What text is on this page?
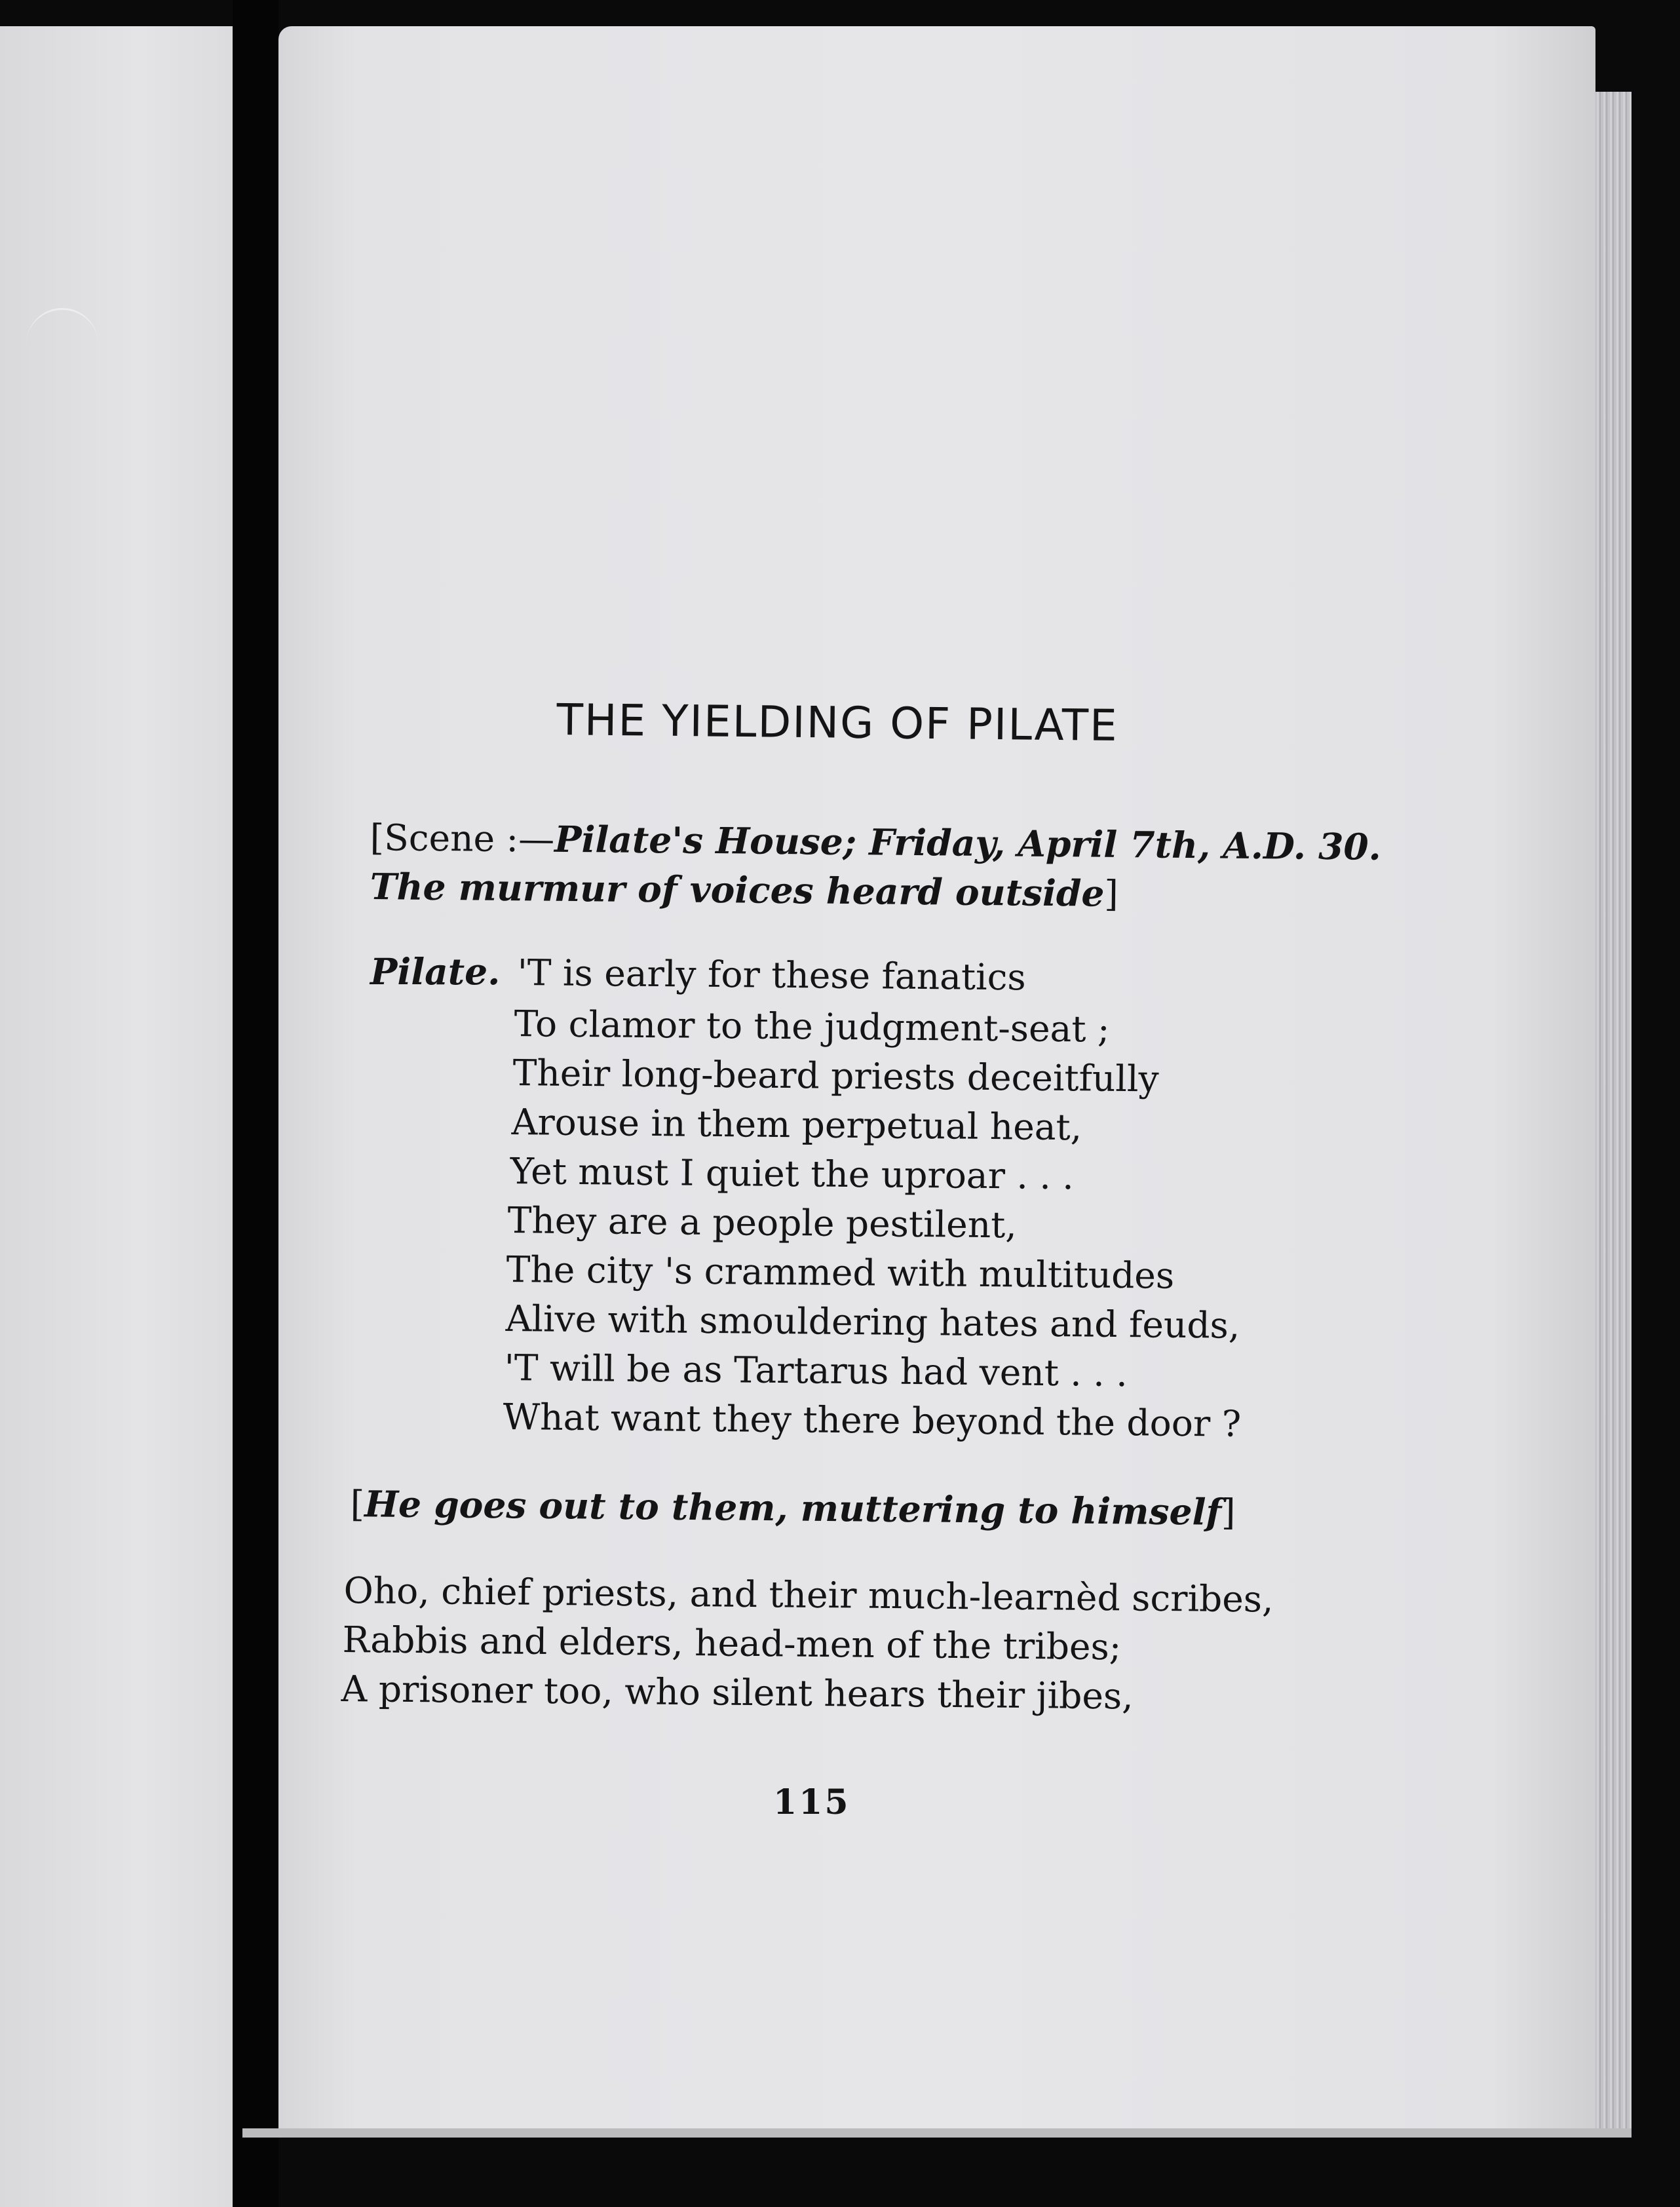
THE YIELDING OF PILATE
[Scene :—Pilate's House; Friday, April 7th, A.D. 30.
The murmur of voices heard outside]
Pilate. 'T is early for these fanatics
To clamor to the judgment-seat ;
Their long-beard priests deceitfully
Arouse in them perpetual heat,
Yet must I quiet the uproar . . .
They are a people pestilent,
The city 's crammed with multitudes
Alive with smouldering hates and feuds,
'T will be as Tartarus had vent . . .
What want they there beyond the door ?
[He goes out to them, muttering to himself]
Oho, chief priests, and their much-learnèd scribes,
Rabbis and elders, head-men of the tribes;
A prisoner too, who silent hears their jibes,
115
